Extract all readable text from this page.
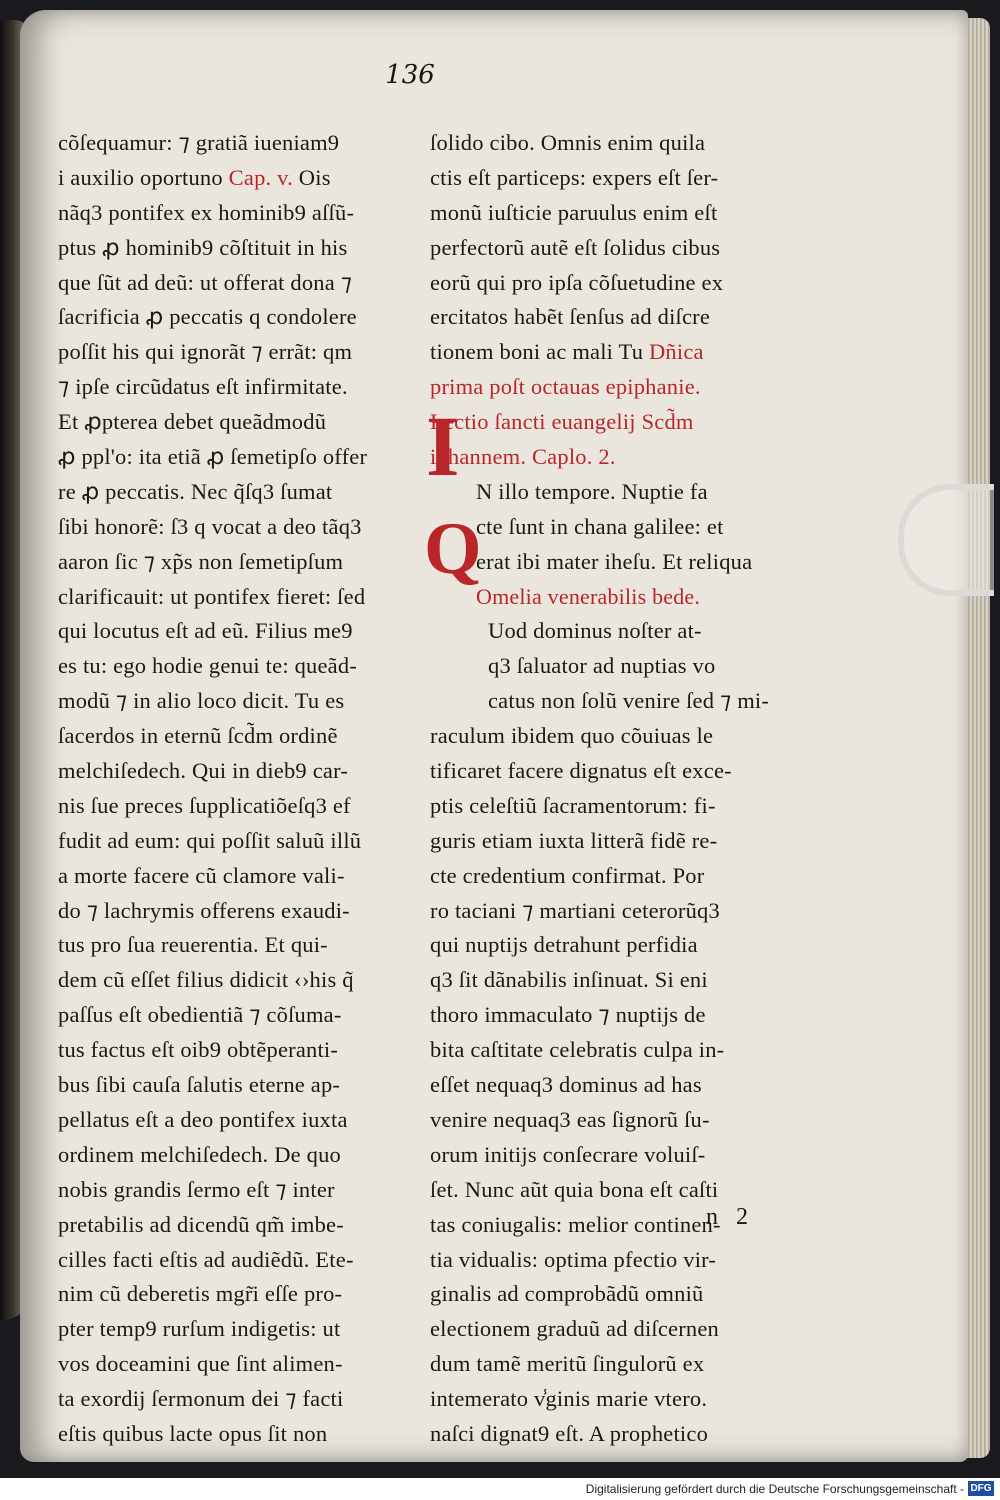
136
cõſequamur: ⁊ gratiã iueniam9
i auxilio oportuno Cap. v. Ois
nãq3 pontifex ex hominib9 aſſũ-
ptus ꝓ hominib9 cõſtituit in his
que ſũt ad deũ: ut offerat dona ⁊
ſacrificia ꝓ peccatis q condolere
poſſit his qui ignorãt ⁊ errãt: qm
⁊ ipſe circũdatus eſt infirmitate.
Et ꝓpterea debet queãdmodũ
ꝓ ppl'o: ita etiã ꝓ ſemetipſo offer
re ꝓ peccatis. Nec q̃ſq3 ſumat
ſibi honorẽ: ſ3 q vocat a deo tãq3
aaron ſic ⁊ xp̃s non ſemetipſum
clarificauit: ut pontifex fieret: ſed
qui locutus eſt ad eũ. Filius me9
es tu: ego hodie genui te: queãd-
modũ ⁊ in alio loco dicit. Tu es
ſacerdos in eternũ ſcd̃m ordinẽ
melchiſedech. Qui in dieb9 car-
nis ſue preces ſupplicatiõeſq3 ef
fudit ad eum: qui poſſit saluũ illũ
a morte facere cũ clamore vali-
do ⁊ lachrymis offerens exaudi-
tus pro ſua reuerentia. Et qui-
dem cũ eſſet filius didicit ‹›his q̃
paſſus eſt obedientiã ⁊ cõſuma-
tus factus eſt oib9 obtẽperanti-
bus ſibi cauſa ſalutis eterne ap-
pellatus eſt a deo pontifex iuxta
ordinem melchiſedech. De quo
nobis grandis ſermo eſt ⁊ inter
pretabilis ad dicendũ qm̃ imbe-
cilles facti eſtis ad audiẽdũ. Ete-
nim cũ deberetis mgr̃i eſſe pro-
pter temp9 rurſum indigetis: ut
vos doceamini que ſint alimen-
ta exordij ſermonum dei ⁊ facti
eſtis quibus lacte opus ſit non
ſolido cibo. Omnis enim quila
ctis eſt particeps: expers eſt ſer-
monũ iuſticie paruulus enim eſt
perfectorũ autẽ eſt ſolidus cibus
eorũ qui pro ipſa cõſuetudine ex
ercitatos habẽt ſenſus ad diſcre
tionem boni ac mali Tu Dñica
prima poſt octauas epiphanie.
Lectio ſancti euangelij Scd̃m
iohannem. Caplo. 2.
N illo tempore. Nuptie fa
cte ſunt in chana galilee: et
erat ibi mater iheſu. Et reliqua
Omelia venerabilis bede.
Uod dominus noſter at-
q3 ſaluator ad nuptias vo
catus non ſolũ venire ſed ⁊ mi-
raculum ibidem quo cõuiuas le
tificaret facere dignatus eſt exce-
ptis celeſtiũ ſacramentorum: fi-
guris etiam iuxta litterã fidẽ re-
cte credentium confirmat. Por
ro taciani ⁊ martiani ceterorũq3
qui nuptijs detrahunt perfidia
q3 ſit dãnabilis inſinuat. Si eni
thoro immaculato ⁊ nuptijs de
bita caſtitate celebratis culpa in-
eſſet nequaq3 dominus ad has
venire nequaq3 eas ſignorũ ſu-
orum initijs conſecrare voluiſ-
ſet. Nunc aũt quia bona eſt caſti
tas coniugalis: melior continen-
tia vidualis: optima pfectio vir-
ginalis ad comprobãdũ omniũ
electionem graduũ ad diſcernen
dum tamẽ meritũ ſingulorũ ex
intemerato v̾ginis marie vtero.
naſci dignat9 eſt. A prophetico
I
Q
n 2
Digitalisierung gefördert durch die Deutsche Forschungsgemeinschaft - DFG
